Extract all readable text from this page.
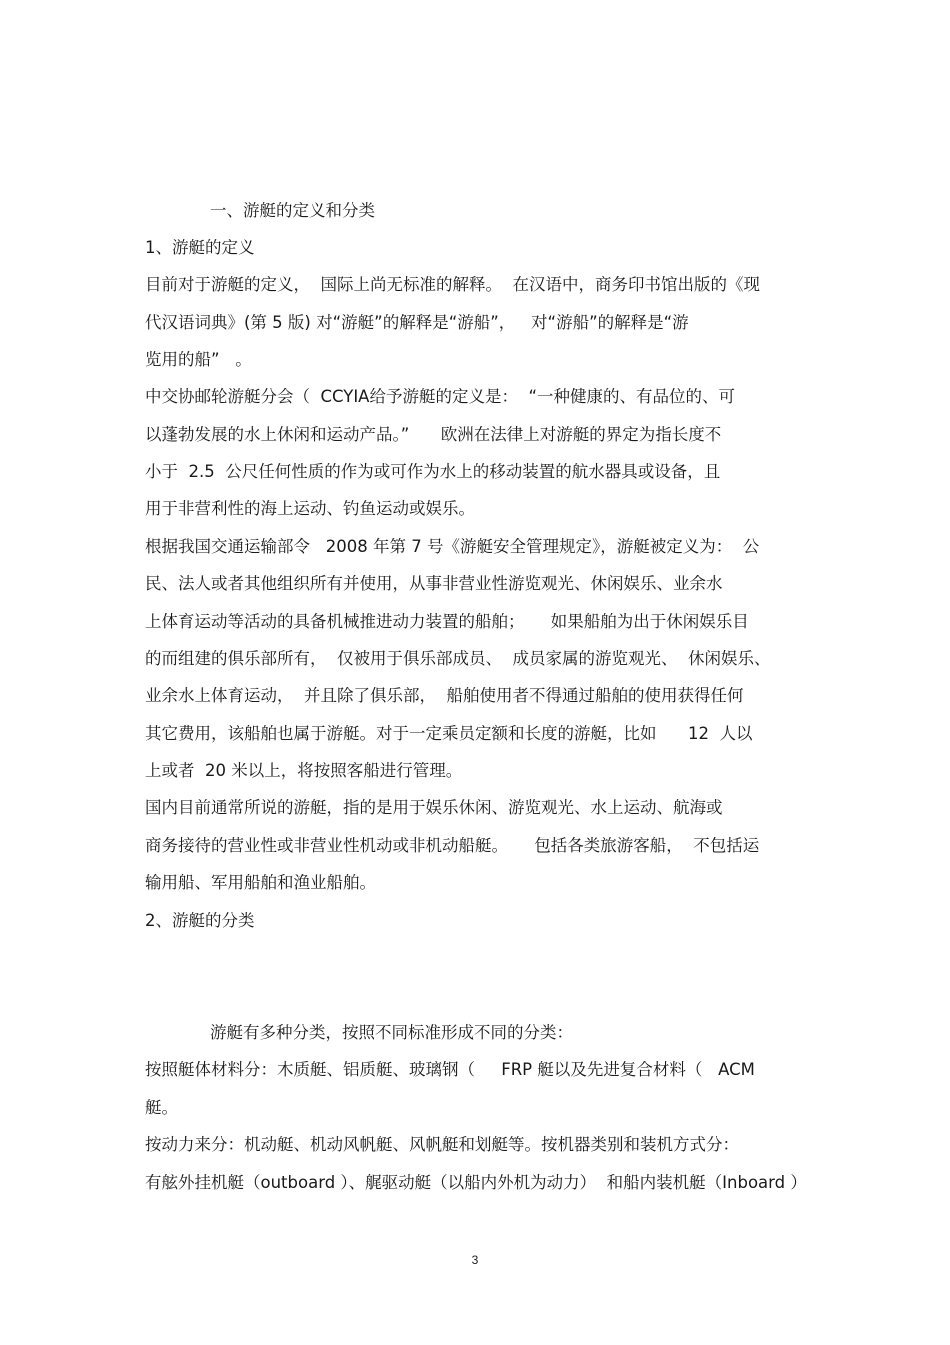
一、游艇的定义和分类

1、游艇的定义

目前对于游艇的定义，  国际上尚无标准的解释。  在汉语中，商务印书馆出版的《现

代汉语词典》(第 5 版) 对“游艇”的解释是“游船”，   对“游船”的解释是“游

览用的船”   。

中交协邮轮游艇分会（  CCYIA给予游艇的定义是：  “一种健康的、有品位的、可

以蓬勃发展的水上休闲和运动产品。”      欧洲在法律上对游艇的界定为指长度不

小于  2.5  公尺任何性质的作为或可作为水上的移动装置的航水器具或设备，且

用于非营利性的海上运动、钓鱼运动或娱乐。

根据我国交通运输部令   2008 年第 7 号《游艇安全管理规定》，游艇被定义为：  公

民、法人或者其他组织所有并使用，从事非营业性游览观光、休闲娱乐、业余水

上体育运动等活动的具备机械推进动力装置的船舶；     如果船舶为出于休闲娱乐目

的而组建的俱乐部所有，  仅被用于俱乐部成员、  成员家属的游览观光、  休闲娱乐、

业余水上体育运动，  并且除了俱乐部，  船舶使用者不得通过船舶的使用获得任何

其它费用，该船舶也属于游艇。对于一定乘员定额和长度的游艇，比如      12  人以

上或者  20 米以上，将按照客船进行管理。

国内目前通常所说的游艇，指的是用于娱乐休闲、游览观光、水上运动、航海或

商务接待的营业性或非营业性机动或非机动船艇。     包括各类旅游客船，  不包括运

输用船、军用船舶和渔业船舶。

2、游艇的分类

游艇有多种分类，按照不同标准形成不同的分类：

按照艇体材料分：木质艇、铝质艇、玻璃钢（     FRP 艇以及先进复合材料（   ACM

艇。

按动力来分：机动艇、机动风帆艇、风帆艇和划艇等。按机器类别和装机方式分：

有舷外挂机艇（outboard ）、艉驱动艇（以船内外机为动力）  和船内装机艇（Inboard ）

3
